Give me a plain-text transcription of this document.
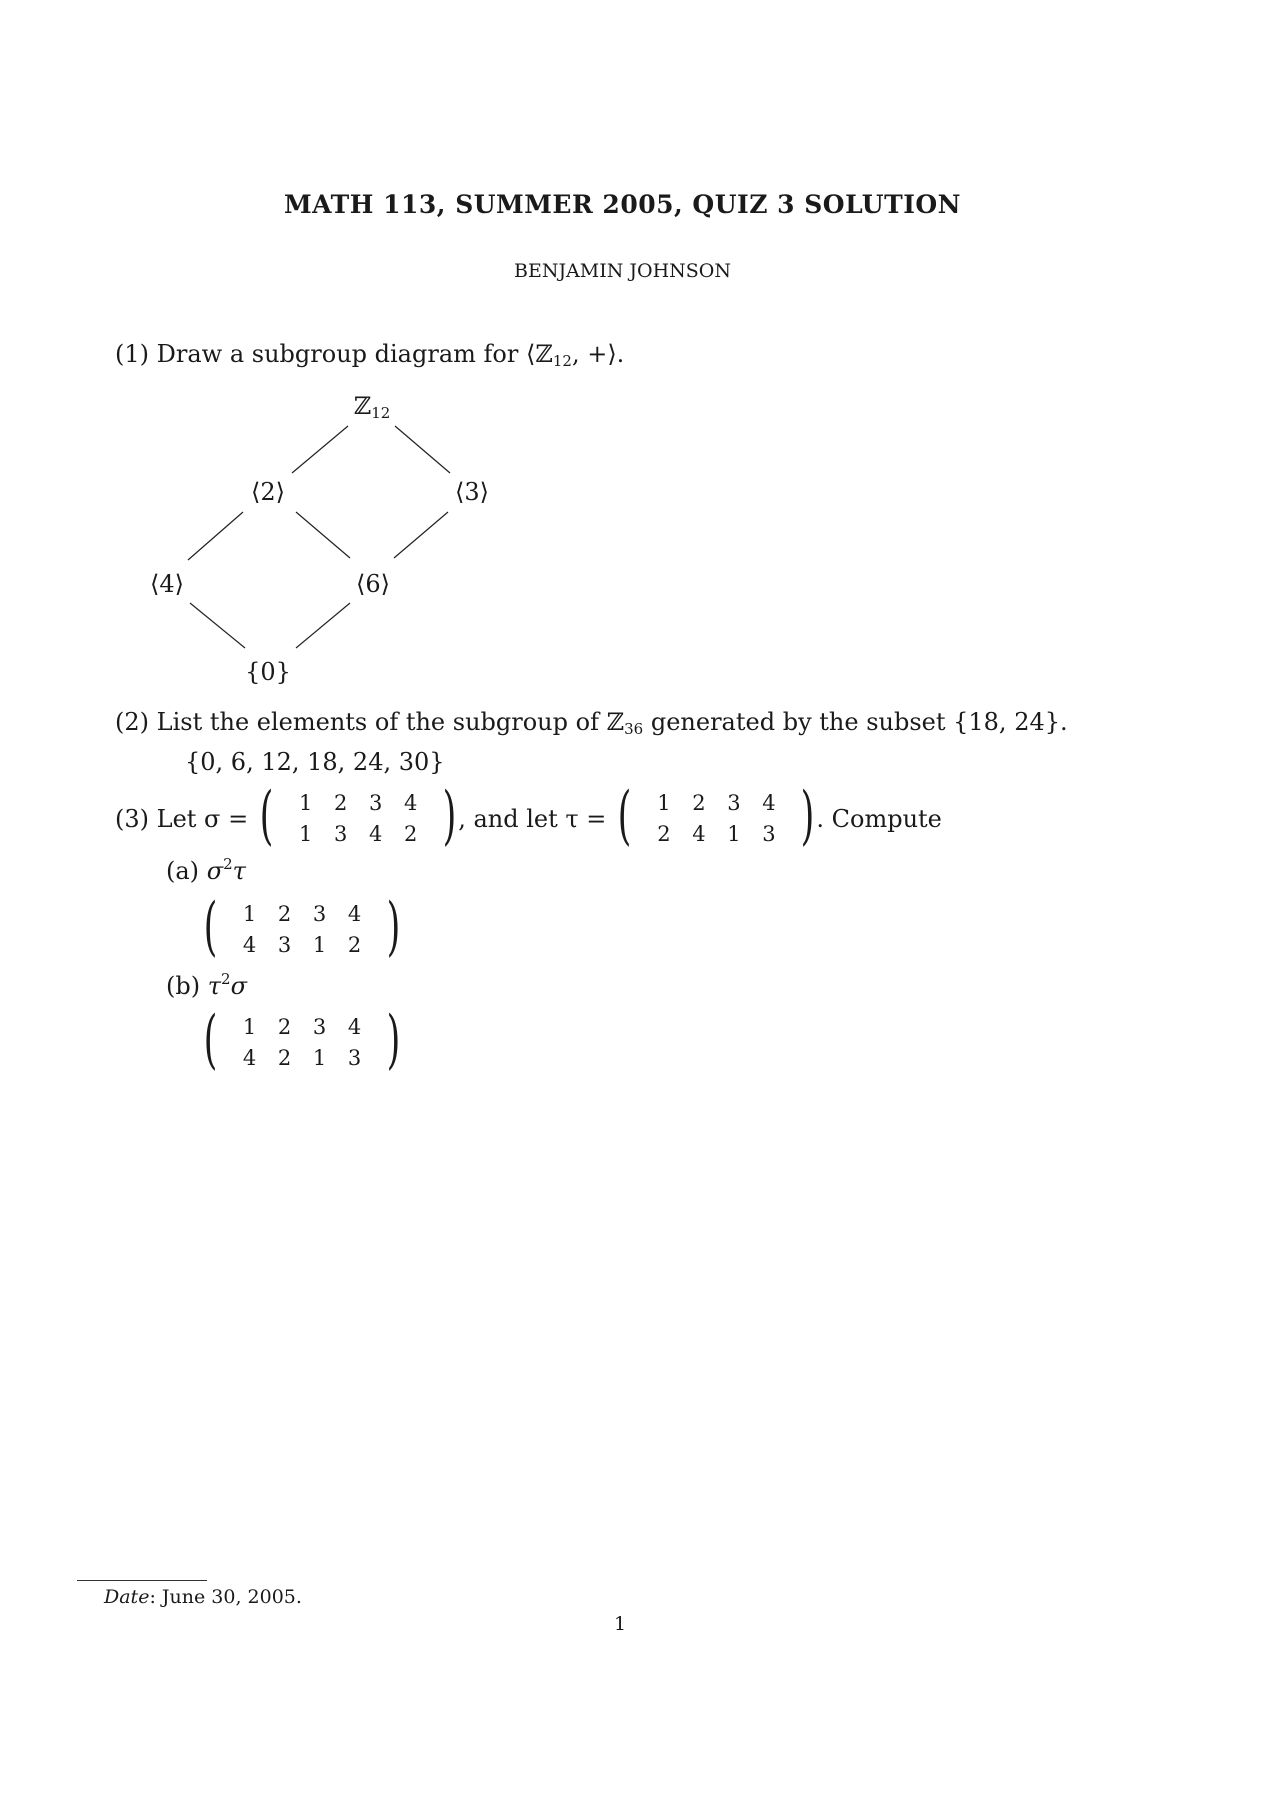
MATH 113, SUMMER 2005, QUIZ 3 SOLUTION
BENJAMIN JOHNSON
(1) Draw a subgroup diagram for ⟨ℤ$_{12}$, +⟩.
ℤ$_{12}$
⟨2⟩	⟨3⟩
⟨4⟩	⟨6⟩
{0}
(2) List the elements of the subgroup of ℤ$_{36}$ generated by the subset {18, 24}.
{0, 6, 12, 18, 24, 30}
(3)
Let σ = (	1	2	3	4
1	3	4	2 ) , and let τ = (	1	2	3	4
2	4	1	3 ) . Compute
(a) $\sigma^2\tau$
(	1	2	3	4
4	3	1	2 )
(b) $\tau^2\sigma$
(	1	2	3	4
4	2	1	3 )
Date: June 30, 2005.
1
